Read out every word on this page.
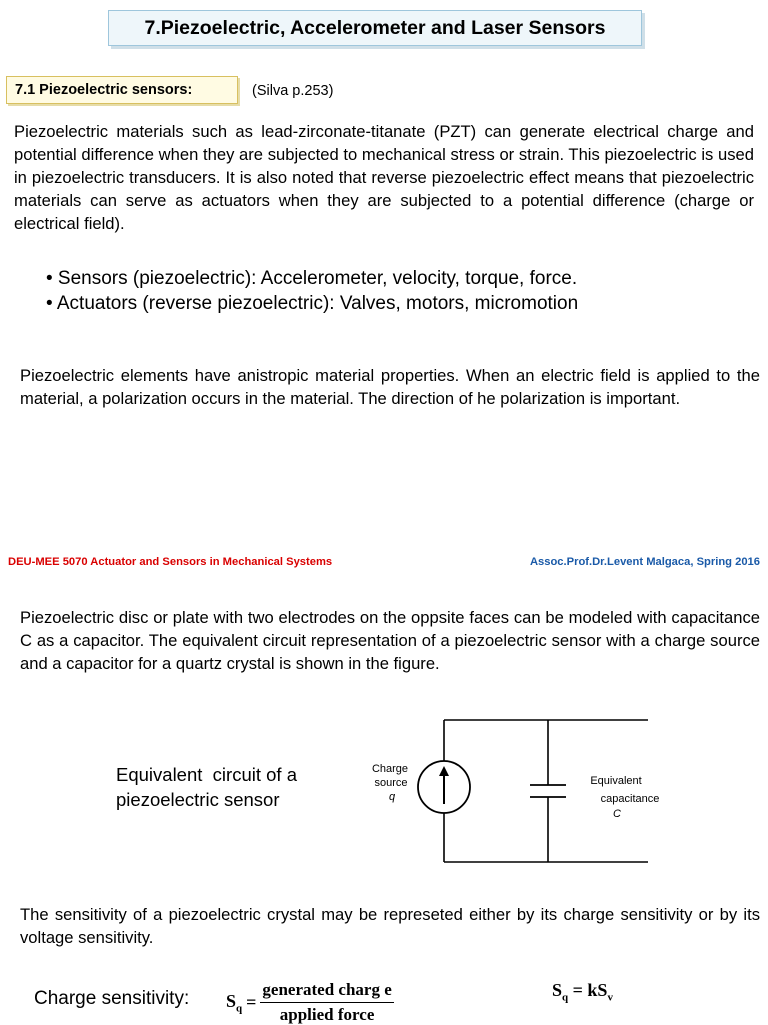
7.Piezoelectric, Accelerometer and Laser Sensors
7.1 Piezoelectric sensors:	(Silva p.253)
Piezoelectric materials such as lead-zirconate-titanate (PZT) can generate electrical charge and potential difference when they are subjected to mechanical stress or strain. This piezoelectric is used in piezoelectric transducers. It is also noted that reverse piezoelectric effect means that piezoelectric materials can serve as actuators when they are subjected to a potential difference (charge or electrical field).
• Sensors (piezoelectric): Accelerometer, velocity, torque, force.
• Actuators (reverse piezoelectric): Valves, motors, micromotion
Piezoelectric elements have anistropic material properties. When an electric field is applied to the material, a polarization occurs in the material. The direction of he polarization is important.
DEU-MEE 5070 Actuator and Sensors in Mechanical Systems	Assoc.Prof.Dr.Levent Malgaca, Spring 2016
Piezoelectric disc or plate with two electrodes on the oppsite faces can be modeled with capacitance C as a capacitor. The equivalent circuit representation of a piezoelectric sensor with a charge source and a capacitor for a quartz crystal is shown in the figure.
Equivalent  circuit of a
piezoelectric sensor
Charge
source
q
Equivalent
capacitance
C
The sensitivity of a piezoelectric crystal may be represeted either by its charge sensitivity or by its voltage sensitivity.
Charge sensitivity: $S_q = \frac{\text{generated charg e}}{\text{applied force}}$	$S_q = kS_v$
